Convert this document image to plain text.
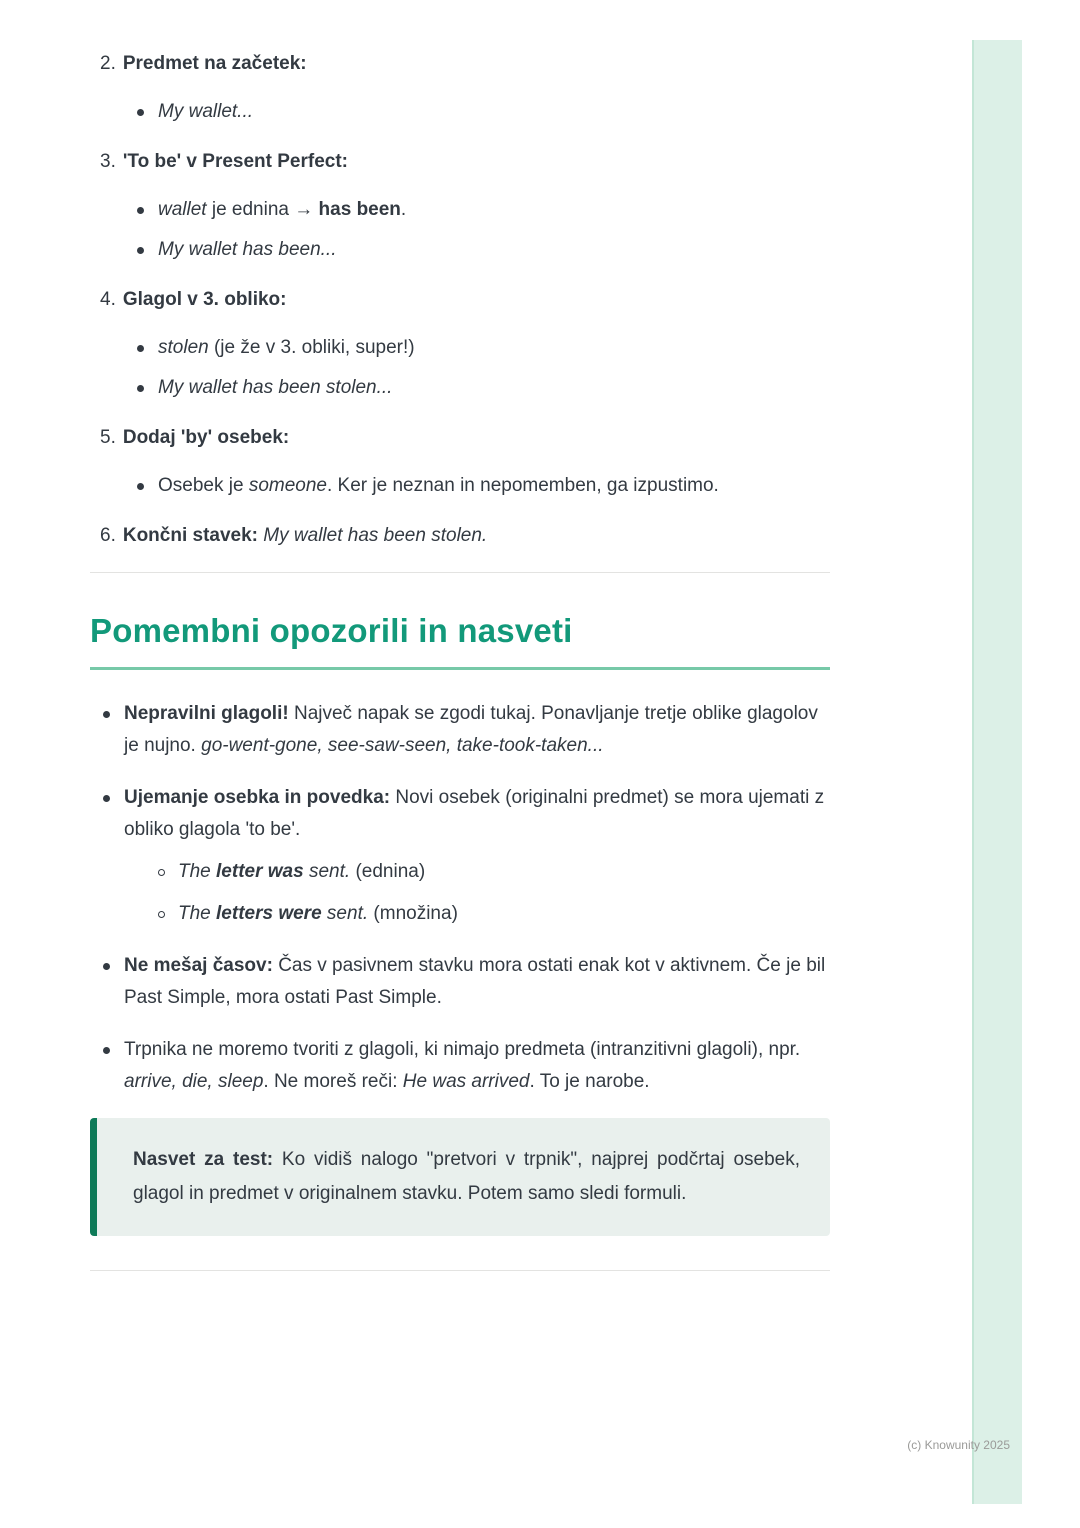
2. Predmet na začetek:
My wallet...
3. 'To be' v Present Perfect:
wallet je ednina → has been.
My wallet has been...
4. Glagol v 3. obliko:
stolen (je že v 3. obliki, super!)
My wallet has been stolen...
5. Dodaj 'by' osebek:
Osebek je someone. Ker je neznan in nepomemben, ga izpustimo.
6. Končni stavek: My wallet has been stolen.
Pomembni opozorili in nasveti
Nepravilni glagoli! Največ napak se zgodi tukaj. Ponavljanje tretje oblike glagolov je nujno. go-went-gone, see-saw-seen, take-took-taken...
Ujemanje osebka in povedka: Novi osebek (originalni predmet) se mora ujemati z obliko glagola 'to be'.
The letter was sent. (ednina)
The letters were sent. (množina)
Ne mešaj časov: Čas v pasivnem stavku mora ostati enak kot v aktivnem. Če je bil Past Simple, mora ostati Past Simple.
Trpnika ne moremo tvoriti z glagoli, ki nimajo predmeta (intranzitivni glagoli), npr. arrive, die, sleep. Ne moreš reči: He was arrived. To je narobe.
Nasvet za test: Ko vidiš nalogo "pretvori v trpnik", najprej podčrtaj osebek, glagol in predmet v originalnem stavku. Potem samo sledi formuli.
(c) Knowunity 2025
